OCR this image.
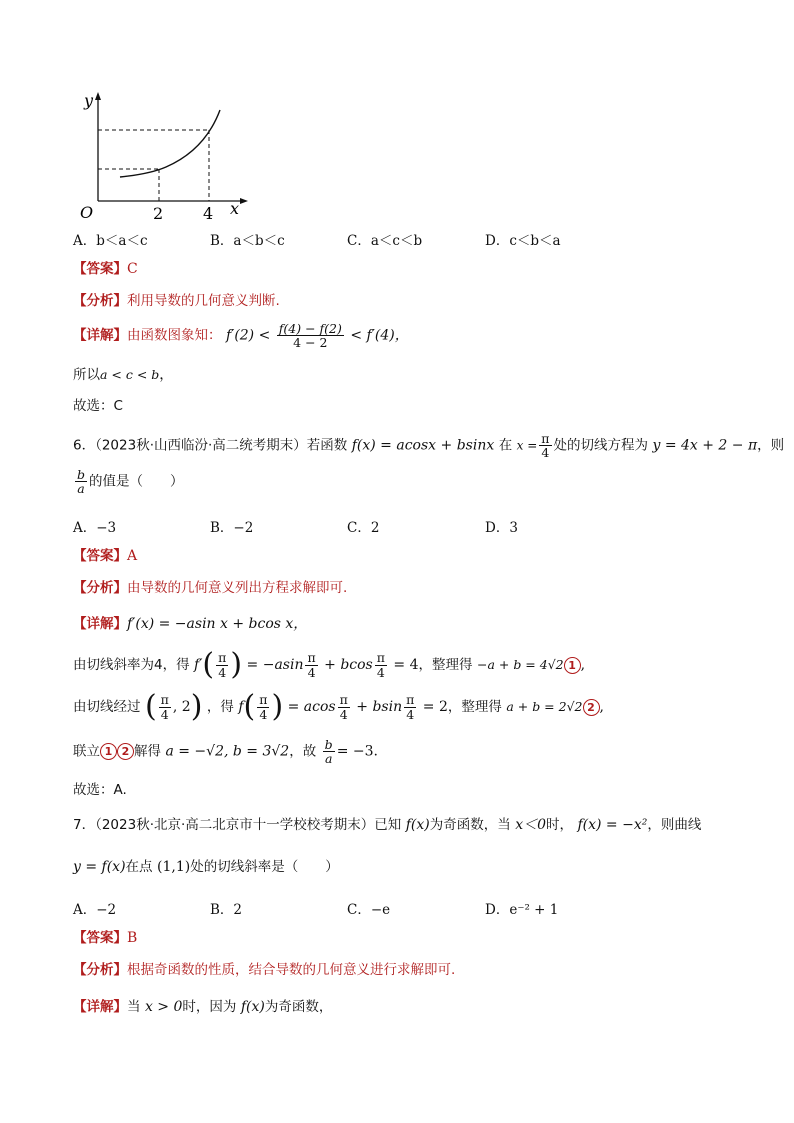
y
x
O	2 4
A．b＜a＜c	B．a＜b＜c	C．a＜c＜b	D．c＜b＜a
【答案】C
【分析】利用导数的几何意义判断.
【详解】由函数图象知： $f'(2) < \frac{f(4) - f(2)}{4 - 2} < f'(4)$，
所以a < c < b，
故选：C
6．（2023秋·山西临汾·高二统考期末）若函数 f(x) = acosx + bsinx 在 $x = \frac{\pi}{4}$ 处的切线方程为 y = 4x + 2 − π，则
$\frac{b}{a}$ 的值是（　　）
A．−3	B．−2	C．2	D．3
【答案】A
【分析】由导数的几何意义列出方程求解即可.
【详解】f′(x) = −asin x + bcos x，
由切线斜率为4，得 $f'( \frac{\pi}{4}$ ) = $-asin \frac{\pi}{4} + bcos \frac{\pi}{4} = 4$，整理得 −a + b = 4√2 1 ,
由切线经过 ( $\frac{\pi}{4}$ , 2) ，得 $f( \frac{\pi}{4}$ ) = acos $\frac{\pi}{4} + bsin \frac{\pi}{4} = 2$，整理得 a + b = 2√2 2 ,
联立 1 2 解得 a = −√2, b = 3√2，故 $\frac{b}{a} = -3$.
故选：A.
7．（2023秋·北京·高二北京市十一学校校考期末）已知 f(x)为奇函数，当 x＜0时， f(x) = −x²，则曲线
y = f(x)在点 (1,1)处的切线斜率是（　　）
A．−2	B．2	C．−e	D．e⁻² + 1
【答案】B
【分析】根据奇函数的性质，结合导数的几何意义进行求解即可.
【详解】当 x > 0时，因为 f(x)为奇函数，
